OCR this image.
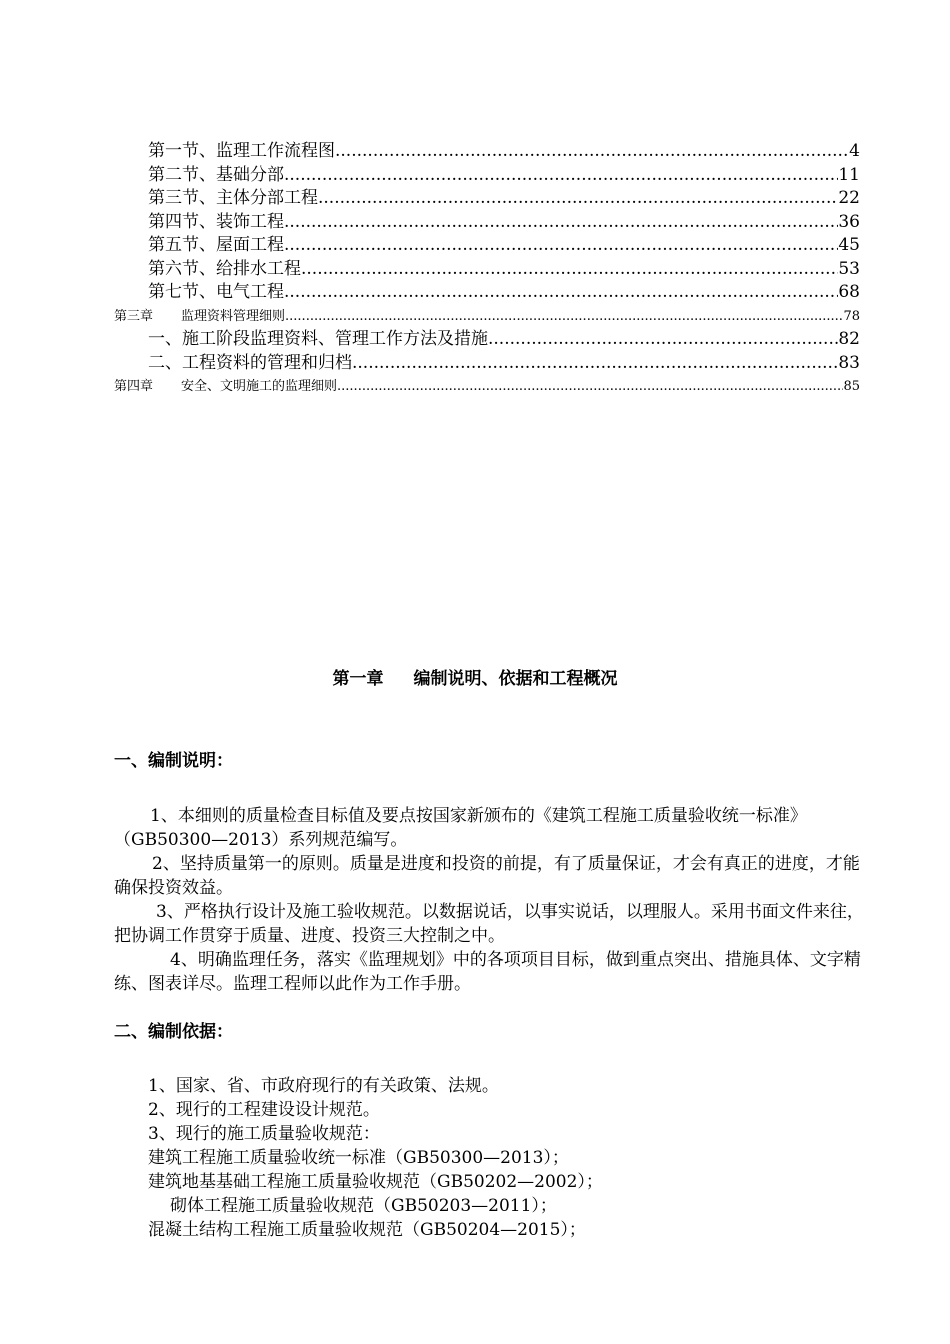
第一节、监理工作流程图 .....	4
第二节、基础分部 .....	11
第三节、主体分部工程 .....	22
第四节、装饰工程 .....	36
第五节、屋面工程 .....	45
第六节、给排水工程 .....	53
第七节、电气工程 .....	68
第三章 监理资料管理细则 .....	78
一、施工阶段监理资料、管理工作方法及措施 .....	82
二、工程资料的管理和归档 .....	83
第四章 安全、文明施工的监理细则 .....	85
第一章 编制说明、依据和工程概况
一、编制说明：
1、本细则的质量检查目标值及要点按国家新颁布的《建筑工程施工质量验收统一标准》（GB50300—2013）系列规范编写。
2、坚持质量第一的原则。质量是进度和投资的前提，有了质量保证，才会有真正的进度，才能确保投资效益。
3、严格执行设计及施工验收规范。以数据说话，以事实说话，以理服人。采用书面文件来往，把协调工作贯穿于质量、进度、投资三大控制之中。
4、明确监理任务，落实《监理规划》中的各项项目目标，做到重点突出、措施具体、文字精练、图表详尽。监理工程师以此作为工作手册。
二、编制依据：
1、国家、省、市政府现行的有关政策、法规。
2、现行的工程建设设计规范。
3、现行的施工质量验收规范：
建筑工程施工质量验收统一标准（GB50300—2013）；
建筑地基基础工程施工质量验收规范（GB50202—2002）；
砌体工程施工质量验收规范（GB50203—2011）；
混凝土结构工程施工质量验收规范（GB50204—2015）；
